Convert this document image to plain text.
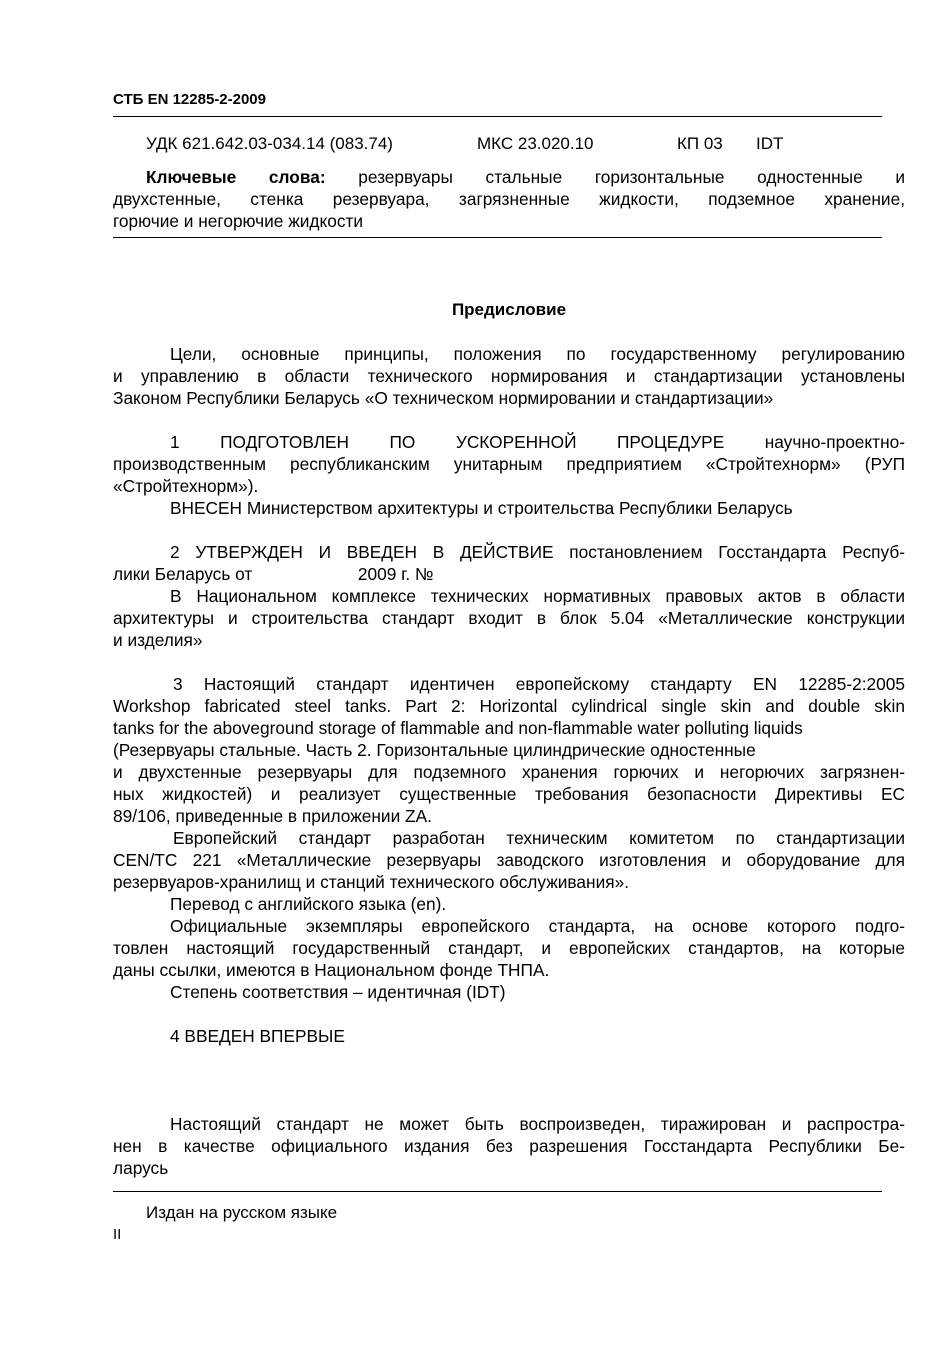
СТБ EN 12285-2-2009
УДК 621.642.03-034.14 (083.74)	МКС 23.020.10	КП 03 IDT
Ключевые слова: резервуары стальные горизонтальные одностенные и
двухстенные, стенка резервуара, загрязненные жидкости, подземное хранение,
горючие и негорючие жидкости
Предисловие
Цели, основные принципы, положения по государственному регулированию
и управлению в области технического нормирования и стандартизации установлены
Законом Республики Беларусь «О техническом нормировании и стандартизации»
1 ПОДГОТОВЛЕН ПО УСКОРЕННОЙ ПРОЦЕДУРЕ научно-проектно-
производственным республиканским унитарным предприятием «Стройтехнорм» (РУП
«Стройтехнорм»).
ВНЕСЕН Министерством архитектуры и строительства Республики Беларусь
2 УТВЕРЖДЕН И ВВЕДЕН В ДЕЙСТВИЕ постановлением Госстандарта Респуб-
лики Беларусь от                      2009 г. №
В Национальном комплексе технических нормативных правовых актов в области
архитектуры и строительства стандарт входит в блок 5.04 «Металлические конструкции
и изделия»
3 Настоящий стандарт идентичен европейскому стандарту EN 12285-2:2005
Workshop fabricated steel tanks. Part 2: Horizontal cylindrical single skin and double skin
tanks for the aboveground storage of flammable and non-flammable water polluting liquids
(Резервуары стальные. Часть 2. Горизонтальные цилиндрические одностенные
и двухстенные резервуары для подземного хранения горючих и негорючих загрязнен-
ных жидкостей) и реализует существенные требования безопасности Директивы ЕС
89/106, приведенные в приложении ZA.
Европейский стандарт разработан техническим комитетом по стандартизации
CEN/TC 221 «Металлические резервуары заводского изготовления и оборудование для
резервуаров-хранилищ и станций технического обслуживания».
Перевод с английского языка (en).
Официальные экземпляры европейского стандарта, на основе которого подго-
товлен настоящий государственный стандарт, и европейских стандартов, на которые
даны ссылки, имеются в Национальном фонде ТНПА.
Степень соответствия – идентичная (IDT)
4 ВВЕДЕН ВПЕРВЫЕ
Настоящий стандарт не может быть воспроизведен, тиражирован и распростра-
нен в качестве официального издания без разрешения Госстандарта Республики Бе-
ларусь
Издан на русском языке
II
